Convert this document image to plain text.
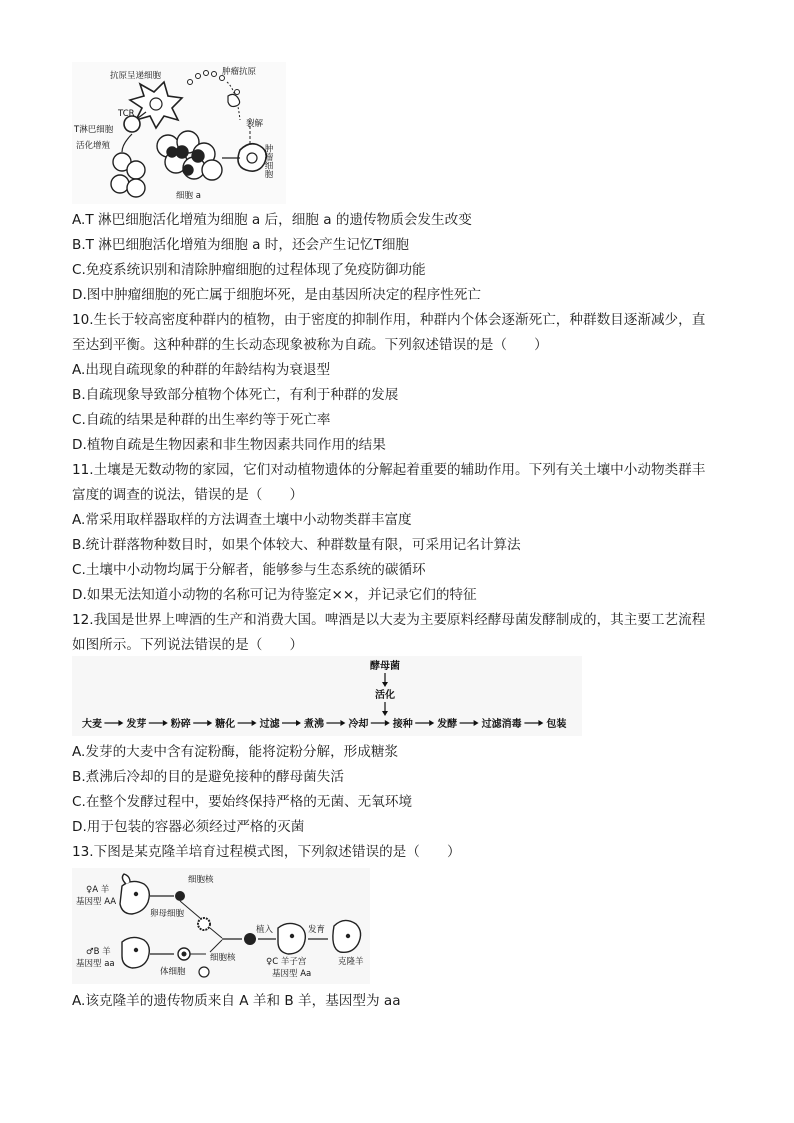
抗原呈递细胞	肿瘤抗原
TCR
T淋巴细胞
活化增殖
裂解
肿瘤细胞
细胞 a
A.T 淋巴细胞活化增殖为细胞 a 后，细胞 a 的遗传物质会发生改变
B.T 淋巴细胞活化增殖为细胞 a 时，还会产生记忆T细胞
C.免疫系统识别和清除肿瘤细胞的过程体现了免疫防御功能
D.图中肿瘤细胞的死亡属于细胞坏死，是由基因所决定的程序性死亡
10.生长于较高密度种群内的植物，由于密度的抑制作用，种群内个体会逐渐死亡，种群数目逐渐减少，直
至达到平衡。这种种群的生长动态现象被称为自疏。下列叙述错误的是（　　）
A.出现自疏现象的种群的年龄结构为衰退型
B.自疏现象导致部分植物个体死亡，有利于种群的发展
C.自疏的结果是种群的出生率约等于死亡率
D.植物自疏是生物因素和非生物因素共同作用的结果
11.土壤是无数动物的家园，它们对动植物遗体的分解起着重要的辅助作用。下列有关土壤中小动物类群丰
富度的调查的说法，错误的是（　　）
A.常采用取样器取样的方法调查土壤中小动物类群丰富度
B.统计群落物种数目时，如果个体较大、种群数量有限，可采用记名计算法
C.土壤中小动物均属于分解者，能够参与生态系统的碳循环
D.如果无法知道小动物的名称可记为待鉴定××，并记录它们的特征
12.我国是世界上啤酒的生产和消费大国。啤酒是以大麦为主要原料经酵母菌发酵制成的，其主要工艺流程
如图所示。下列说法错误的是（　　）
酵母菌
活化
大麦 发芽 粉碎 糖化 过滤 煮沸 冷却 接种 发酵 过滤消毒 包装
A.发芽的大麦中含有淀粉酶，能将淀粉分解，形成糖浆
B.煮沸后冷却的目的是避免接种的酵母菌失活
C.在整个发酵过程中，要始终保持严格的无菌、无氧环境
D.用于包装的容器必须经过严格的灭菌
13.下图是某克隆羊培育过程模式图，下列叙述错误的是（　　）
细胞核
卵母细胞
植入	发育
克隆羊
♀C 羊子宫
基因型 Aa
细胞核
体细胞
♀A 羊
基因型 AA
♂B 羊
基因型 aa
A.该克隆羊的遗传物质来自 A 羊和 B 羊，基因型为 aa
